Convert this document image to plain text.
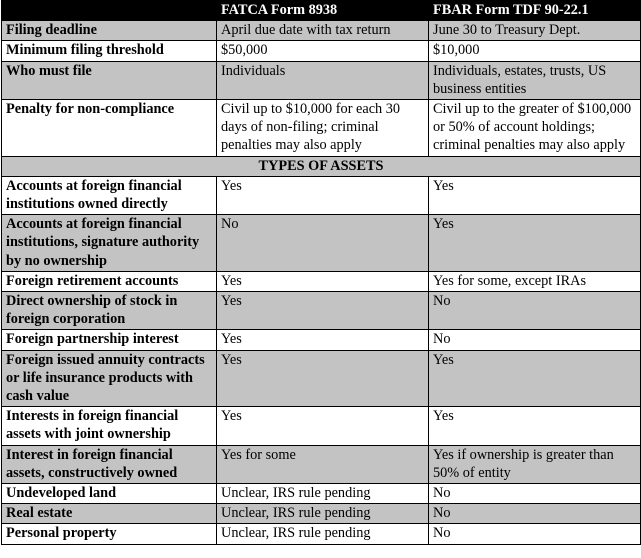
	FATCA Form 8938	FBAR Form TDF 90-22.1
Filing deadline	April due date with tax return	June 30 to Treasury Dept.
Minimum filing threshold	$50,000	$10,000
Who must file	Individuals	Individuals, estates, trusts, US business entities
Penalty for non-compliance	Civil up to $10,000 for each 30 days of non-filing; criminal penalties may also apply	Civil up to the greater of $100,000 or 50% of account holdings; criminal penalties may also apply
TYPES OF ASSETS		
Accounts at foreign financial institutions owned directly	Yes	Yes
Accounts at foreign financial institutions, signature authority by no ownership	No	Yes
Foreign retirement accounts	Yes	Yes for some, except IRAs
Direct ownership of stock in foreign corporation	Yes	No
Foreign partnership interest	Yes	No
Foreign issued annuity contracts or life insurance products with cash value	Yes	Yes
Interests in foreign financial assets with joint ownership	Yes	Yes
Interest in foreign financial assets, constructively owned	Yes for some	Yes if ownership is greater than 50% of entity
Undeveloped land	Unclear, IRS rule pending	No
Real estate	Unclear, IRS rule pending	No
Personal property	Unclear, IRS rule pending	No
